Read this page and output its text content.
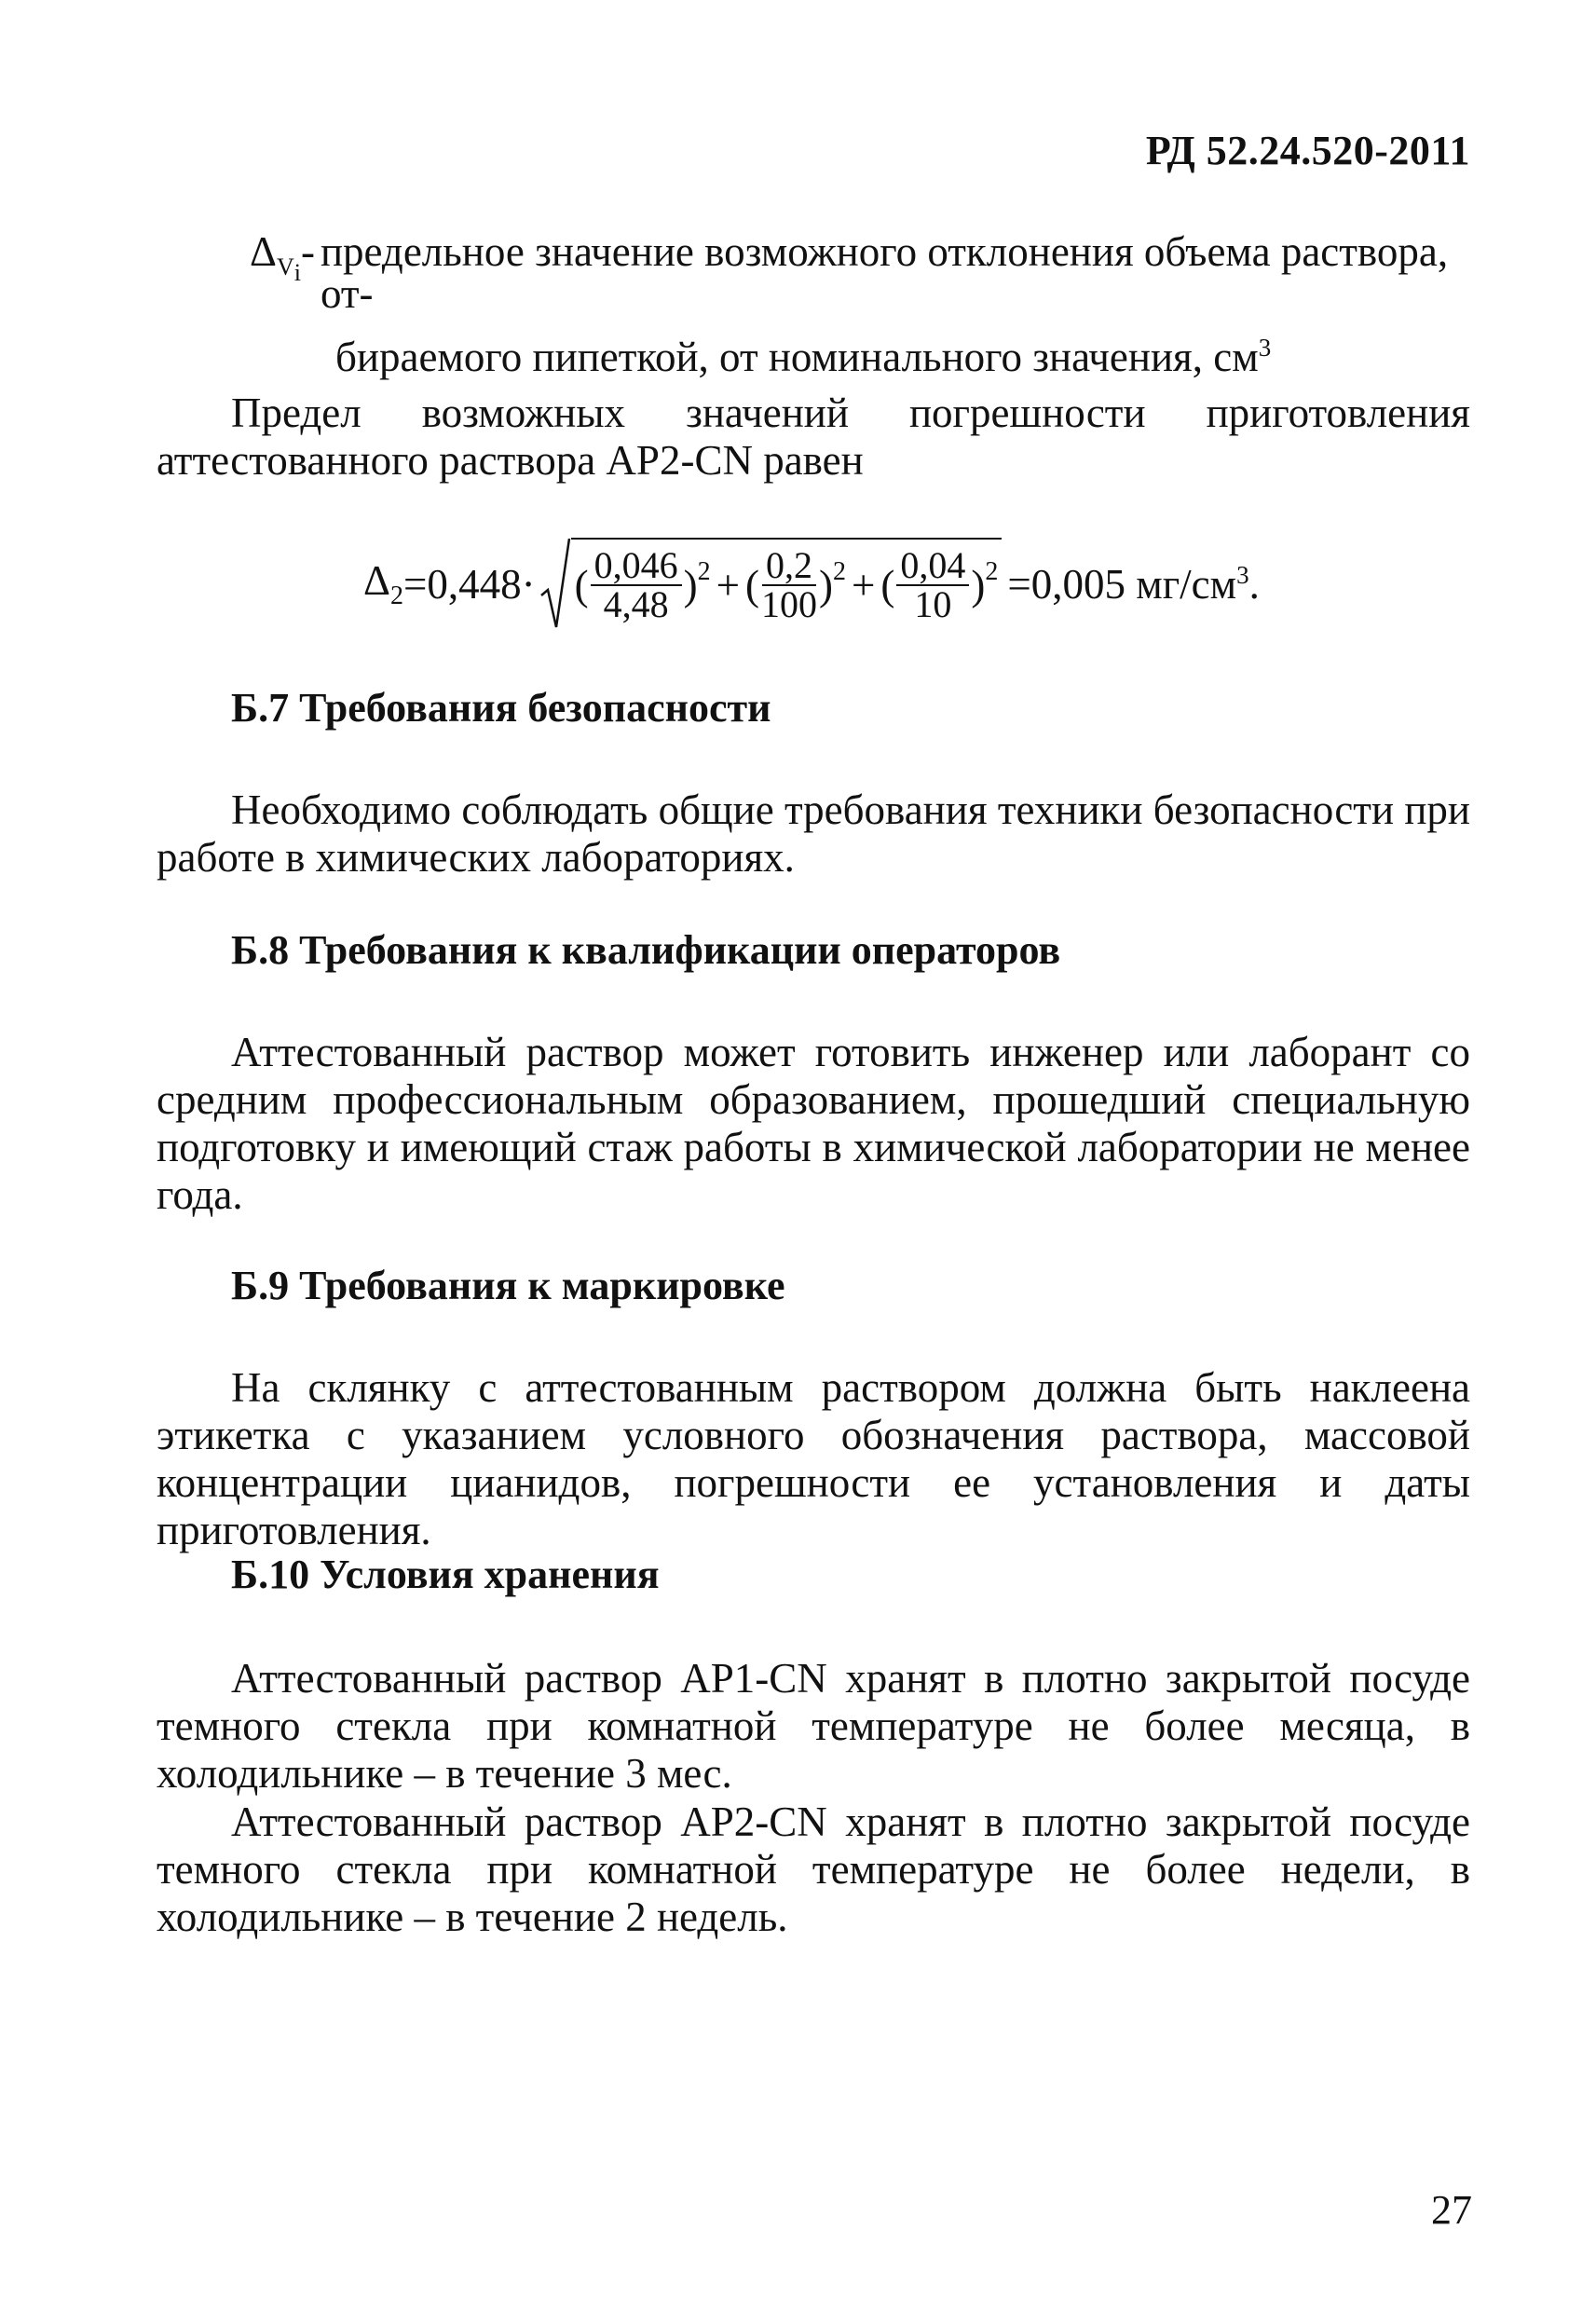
РД 52.24.520-2011
$\Delta_{V_i}-$ предельное значение возможного отклонения объема раствора, от-
бираемого пипеткой, от номинального значения, $см^3$
Предел возможных значений погрешности приготовления аттестованного раствора АР2-CN равен
$\Delta_2 =0,448\cdot$ ( $\frac{0,046}{4,48}$ ) 2 + ( $\frac{0,2}{100}$ ) 2 + ( $\frac{0,04}{10}$ ) 2 =0,005 $мг/см^3$.
Б.7 Требования безопасности
Необходимо соблюдать общие требования техники безопасности при работе в химических лабораториях.
Б.8 Требования к квалификации операторов
Аттестованный раствор может готовить инженер или лаборант со средним профессиональным образованием, прошедший специальную подготовку и имеющий стаж работы в химической лаборатории не менее года.
Б.9 Требования к маркировке
На склянку с аттестованным раствором должна быть наклеена этикетка с указанием условного обозначения раствора, массовой концентрации цианидов, погрешности ее установления и даты приготовления.
Б.10 Условия хранения
Аттестованный раствор АР1-CN хранят в плотно закрытой посуде темного стекла при комнатной температуре не более месяца, в холодильнике – в течение 3 мес.
Аттестованный раствор АР2-CN хранят в плотно закрытой посуде темного стекла при комнатной температуре не более недели, в холодильнике – в течение 2 недель.
27
